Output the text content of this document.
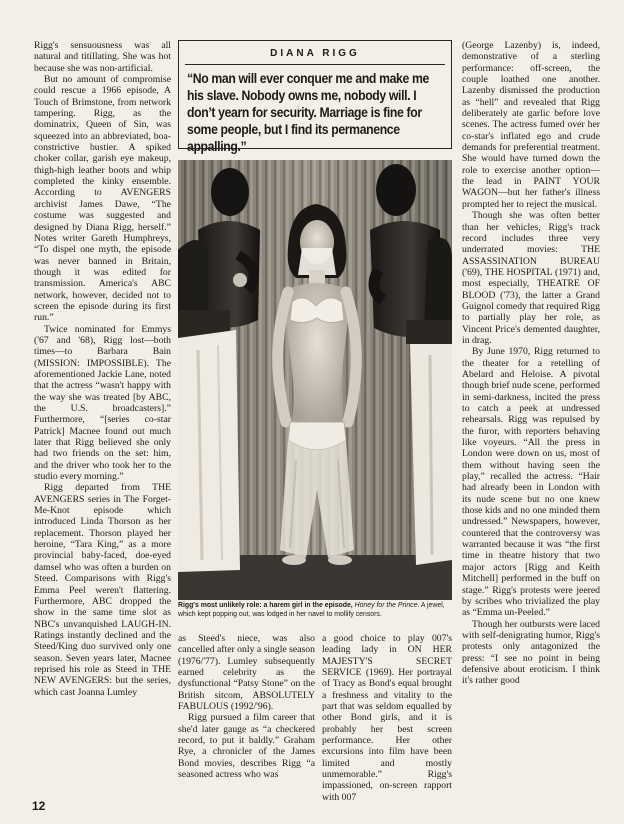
Rigg's sensuousness was all natural and titillating. She was hot because she was non-artificial.

But no amount of compromise could rescue a 1966 episode, A Touch of Brimstone, from network tampering. Rigg, as the dominatrix, Queen of Sin, was squeezed into an abbreviated, boa-constrictive bustier. A spiked choker collar, garish eye makeup, thigh-high leather boots and whip completed the kinky ensemble. According to AVENGERS archivist James Dawe, “The costume was suggested and designed by Diana Rigg, herself.” Notes writer Gareth Humphreys, “To dispel one myth, the episode was never banned in Britain, though it was edited for transmission. America's ABC network, however, decided not to screen the episode during its first run.”

Twice nominated for Emmys ('67 and '68), Rigg lost—both times—to Barbara Bain (MISSION: IMPOSSIBLE). The aforementioned Jackie Lane, noted that the actress “wasn't happy with the way she was treated [by ABC, the U.S. broadcasters].” Furthermore, “[series co-star Patrick] Macnee found out much later that Rigg believed she only had two friends on the set: him, and the driver who took her to the studio every morning.”

Rigg departed from THE AVENGERS series in The Forget-Me-Knot episode which introduced Linda Thorson as her replacement. Thorson played her heroine, “Tara King,” as a more provincial baby-faced, doe-eyed damsel who was often a burden on Steed. Comparisons with Rigg's Emma Peel weren't flattering. Furthermore, ABC dropped the show in the same time slot as NBC's unvanquished LAUGH-IN. Ratings instantly declined and the Steed/King duo survived only one season. Seven years later, Macnee reprised his role as Steed in THE NEW AVENGERS: but the series, which cast Joanna Lumley

DIANA RIGG
“No man will ever conquer me and make me his slave. Nobody owns me, nobody will. I don’t yearn for security. Marriage is fine for some people, but I find its permanence appalling.”
Rigg's most unlikely role: a harem girl in the episode, Honey for the Prince. A jewel, which kept popping out, was lodged in her navel to mollify censors.

as Steed's niece, was also cancelled after only a single season (1976/'77). Lumley subsequently earned celebrity as the dysfunctional “Patsy Stone” on the British sitcom, ABSOLUTELY FABULOUS (1992/'96).

Rigg pursued a film career that she'd later gauge as “a checkered record, to put it baldly.” Graham Rye, a chronicler of the James Bond movies, describes Rigg “a seasoned actress who was

a good choice to play 007's leading lady in ON HER MAJESTY'S SECRET SERVICE (1969). Her portrayal of Tracy as Bond's equal brought a freshness and vitality to the part that was seldom equalled by other Bond girls, and it is probably her best screen performance. Her other excursions into film have been limited and mostly unmemorable.” Rigg's impassioned, on-screen rapport with 007

(George Lazenby) is, indeed, demonstrative of a sterling performance: off-screen, the couple loathed one another. Lazenby dismissed the production as “hell” and revealed that Rigg deliberately ate garlic before love scenes. The actress fumed over her co-star's inflated ego and crude demands for preferential treatment. She would have turned down the role to exercise another option—the lead in PAINT YOUR WAGON—but her father's illness prompted her to reject the musical.

Though she was often better than her vehicles, Rigg's track record includes three very underrated movies: THE ASSASSINATION BUREAU ('69), THE HOSPITAL (1971) and, most especially, THEATRE OF BLOOD ('73), the latter a Grand Guignol comedy that required Rigg to partially play her role, as Vincent Price's demented daughter, in drag.

By June 1970, Rigg returned to the theater for a retelling of Abelard and Heloise. A pivotal though brief nude scene, performed in semi-darkness, incited the press to catch a peek at undressed rehearsals. Rigg was repulsed by the furor, with reporters behaving like voyeurs. “All the press in London were down on us, most of them without having seen the play,” recalled the actress. “Hair had already been in London with its nude scene but no one knew those kids and no one minded them undressed.” Newspapers, however, countered that the controversy was warranted because it was “the first time in theatre history that two major actors [Rigg and Keith Mitchell] performed in the buff on stage.” Rigg's protests were jeered by scribes who trivialized the play as “Emma un-Peeled.”

Though her outbursts were laced with self-denigrating humor, Rigg's protests only antagonized the press: “I see no point in being defensive about eroticism. I think it's rather good

12
